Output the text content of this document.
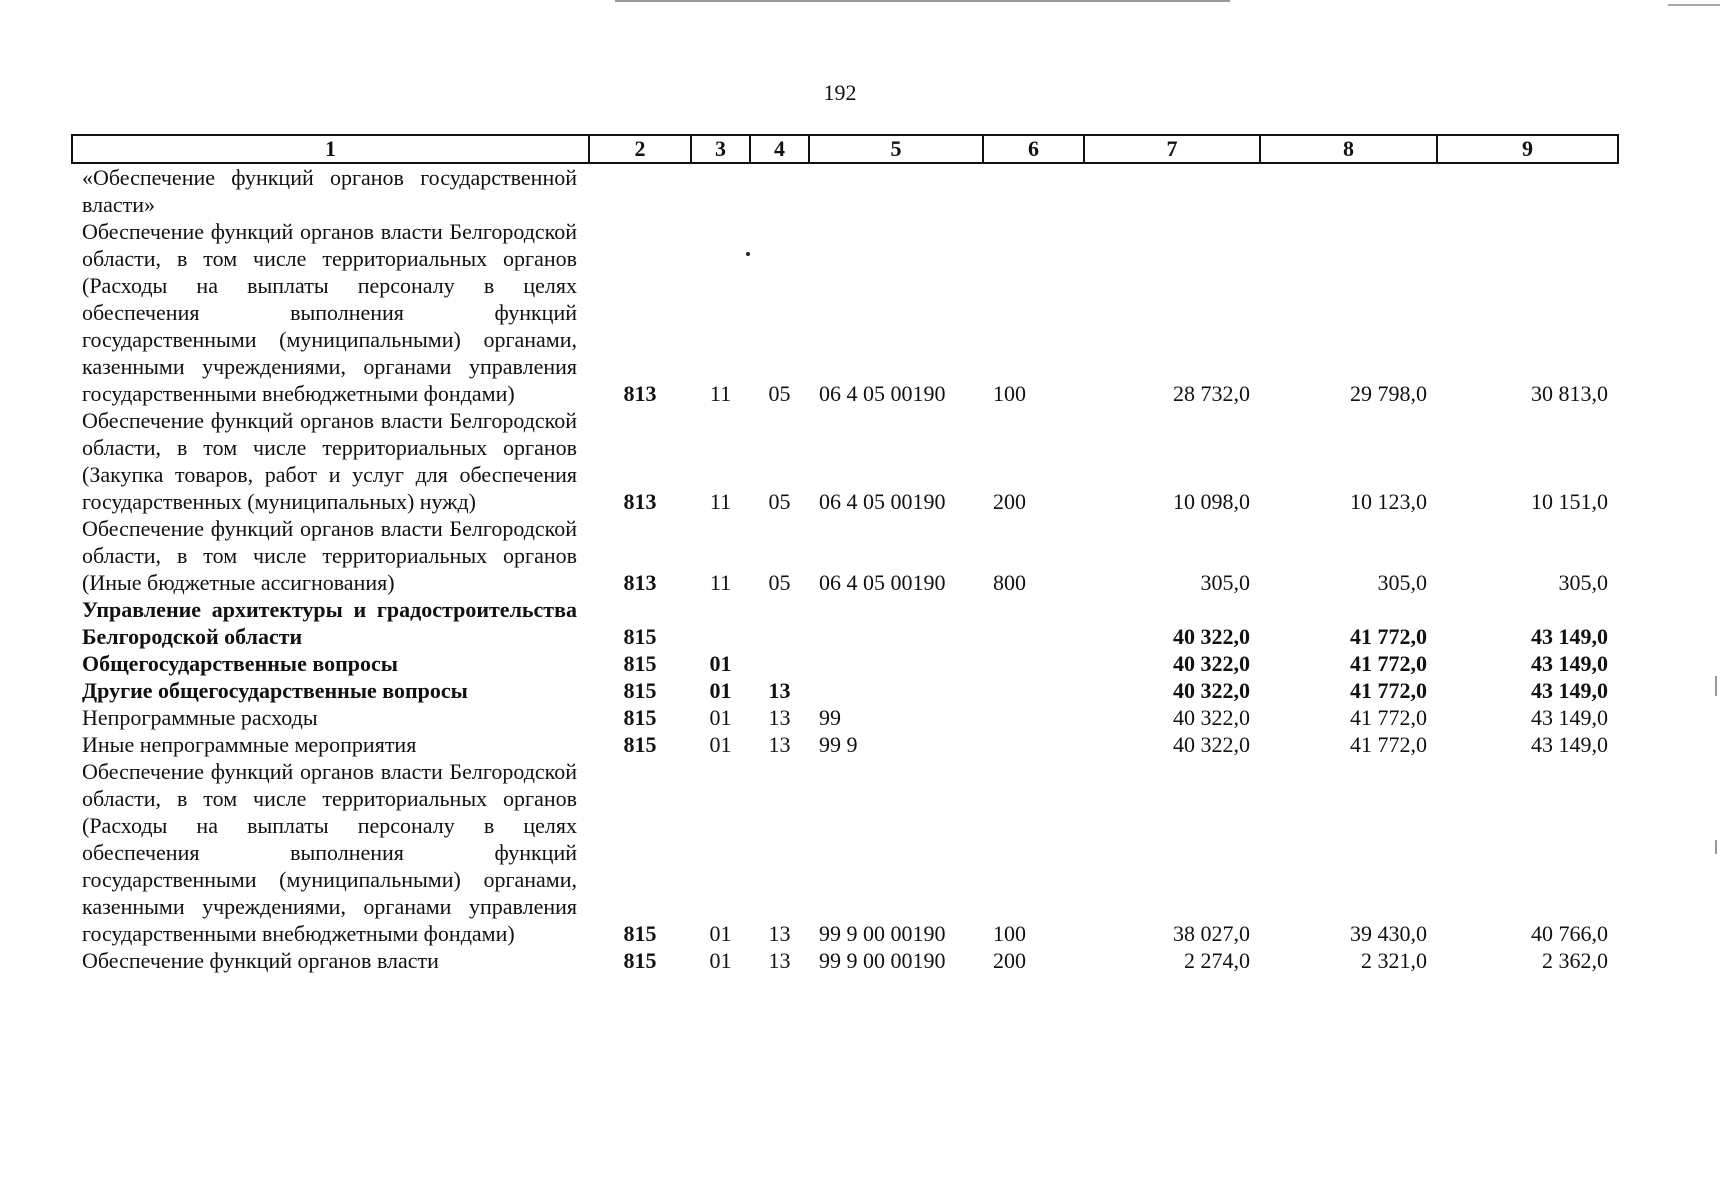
192
1	2	3	4	5	6	7	8	9
«Обеспечение функций органов государственной власти»								
Обеспечение функций органов власти Белгородской области, в том числе территориальных органов (Расходы на выплаты персоналу в целях обеспечения выполнения функций государственными (муниципальными) органами, казенными учреждениями, органами управления государственными внебюджетными фондами)	813	11	05	06 4 05 00190	100	28 732,0	29 798,0	30 813,0
Обеспечение функций органов власти Белгородской области, в том числе территориальных органов (Закупка товаров, работ и услуг для обеспечения государственных (муниципальных) нужд)	813	11	05	06 4 05 00190	200	10 098,0	10 123,0	10 151,0
Обеспечение функций органов власти Белгородской области, в том числе территориальных органов (Иные бюджетные ассигнования)	813	11	05	06 4 05 00190	800	305,0	305,0	305,0
Управление архитектуры и градостроительства Белгородской области	815					40 322,0	41 772,0	43 149,0
Общегосударственные вопросы	815	01				40 322,0	41 772,0	43 149,0
Другие общегосударственные вопросы	815	01	13			40 322,0	41 772,0	43 149,0
Непрограммные расходы	815	01	13	99		40 322,0	41 772,0	43 149,0
Иные непрограммные мероприятия	815	01	13	99 9		40 322,0	41 772,0	43 149,0
Обеспечение функций органов власти Белгородской области, в том числе территориальных органов (Расходы на выплаты персоналу в целях обеспечения выполнения функций государственными (муниципальными) органами, казенными учреждениями, органами управления государственными внебюджетными фондами)	815	01	13	99 9 00 00190	100	38 027,0	39 430,0	40 766,0
Обеспечение функций органов власти	815	01	13	99 9 00 00190	200	2 274,0	2 321,0	2 362,0
